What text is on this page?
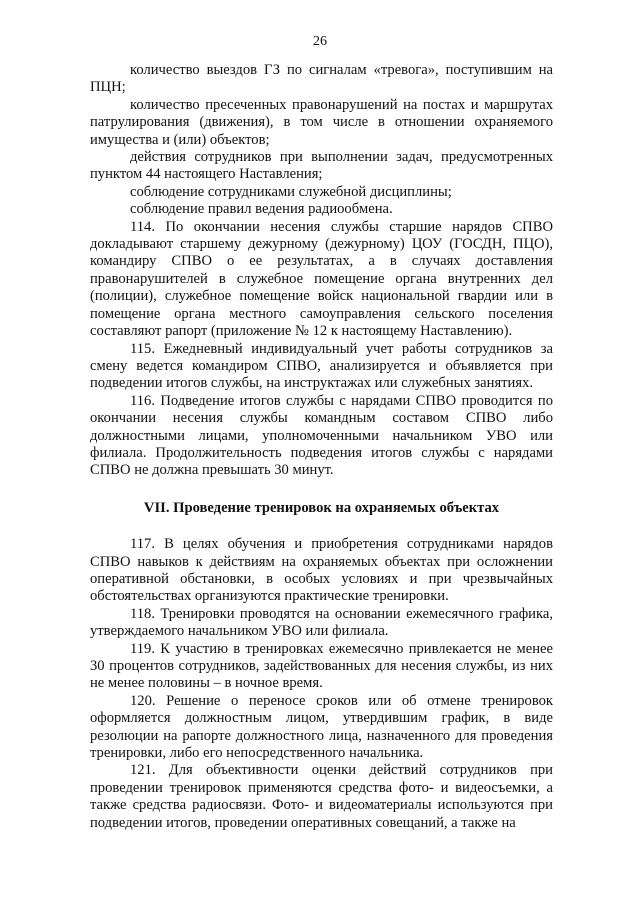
26

количество выездов ГЗ по сигналам «тревога», поступившим на ПЦН;

количество пресеченных правонарушений на постах и маршрутах патрулирования (движения), в том числе в отношении охраняемого имущества и (или) объектов;

действия сотрудников при выполнении задач, предусмотренных пунктом 44 настоящего Наставления;

соблюдение сотрудниками служебной дисциплины;

соблюдение правил ведения радиообмена.

114. По окончании несения службы старшие нарядов СПВО докладывают старшему дежурному (дежурному) ЦОУ (ГОСДН, ПЦО), командиру СПВО о ее результатах, а в случаях доставления правонарушителей в служебное помещение органа внутренних дел (полиции), служебное помещение войск национальной гвардии или в помещение органа местного самоуправления сельского поселения составляют рапорт (приложение № 12 к настоящему Наставлению).

115. Ежедневный индивидуальный учет работы сотрудников за смену ведется командиром СПВО, анализируется и объявляется при подведении итогов службы, на инструктажах или служебных занятиях.

116. Подведение итогов службы с нарядами СПВО проводится по окончании несения службы командным составом СПВО либо должностными лицами, уполномоченными начальником УВО или филиала. Продолжительность подведения итогов службы с нарядами СПВО не должна превышать 30 минут.

VII. Проведение тренировок на охраняемых объектах

117. В целях обучения и приобретения сотрудниками нарядов СПВО навыков к действиям на охраняемых объектах при осложнении оперативной обстановки, в особых условиях и при чрезвычайных обстоятельствах организуются практические тренировки.

118. Тренировки проводятся на основании ежемесячного графика, утверждаемого начальником УВО или филиала.

119. К участию в тренировках ежемесячно привлекается не менее 30 процентов сотрудников, задействованных для несения службы, из них не менее половины – в ночное время.

120. Решение о переносе сроков или об отмене тренировок оформляется должностным лицом, утвердившим график, в виде резолюции на рапорте должностного лица, назначенного для проведения тренировки, либо его непосредственного начальника.

121. Для объективности оценки действий сотрудников при проведении тренировок применяются средства фото- и видеосъемки, а также средства радиосвязи. Фото- и видеоматериалы используются при подведении итогов, проведении оперативных совещаний, а также на
